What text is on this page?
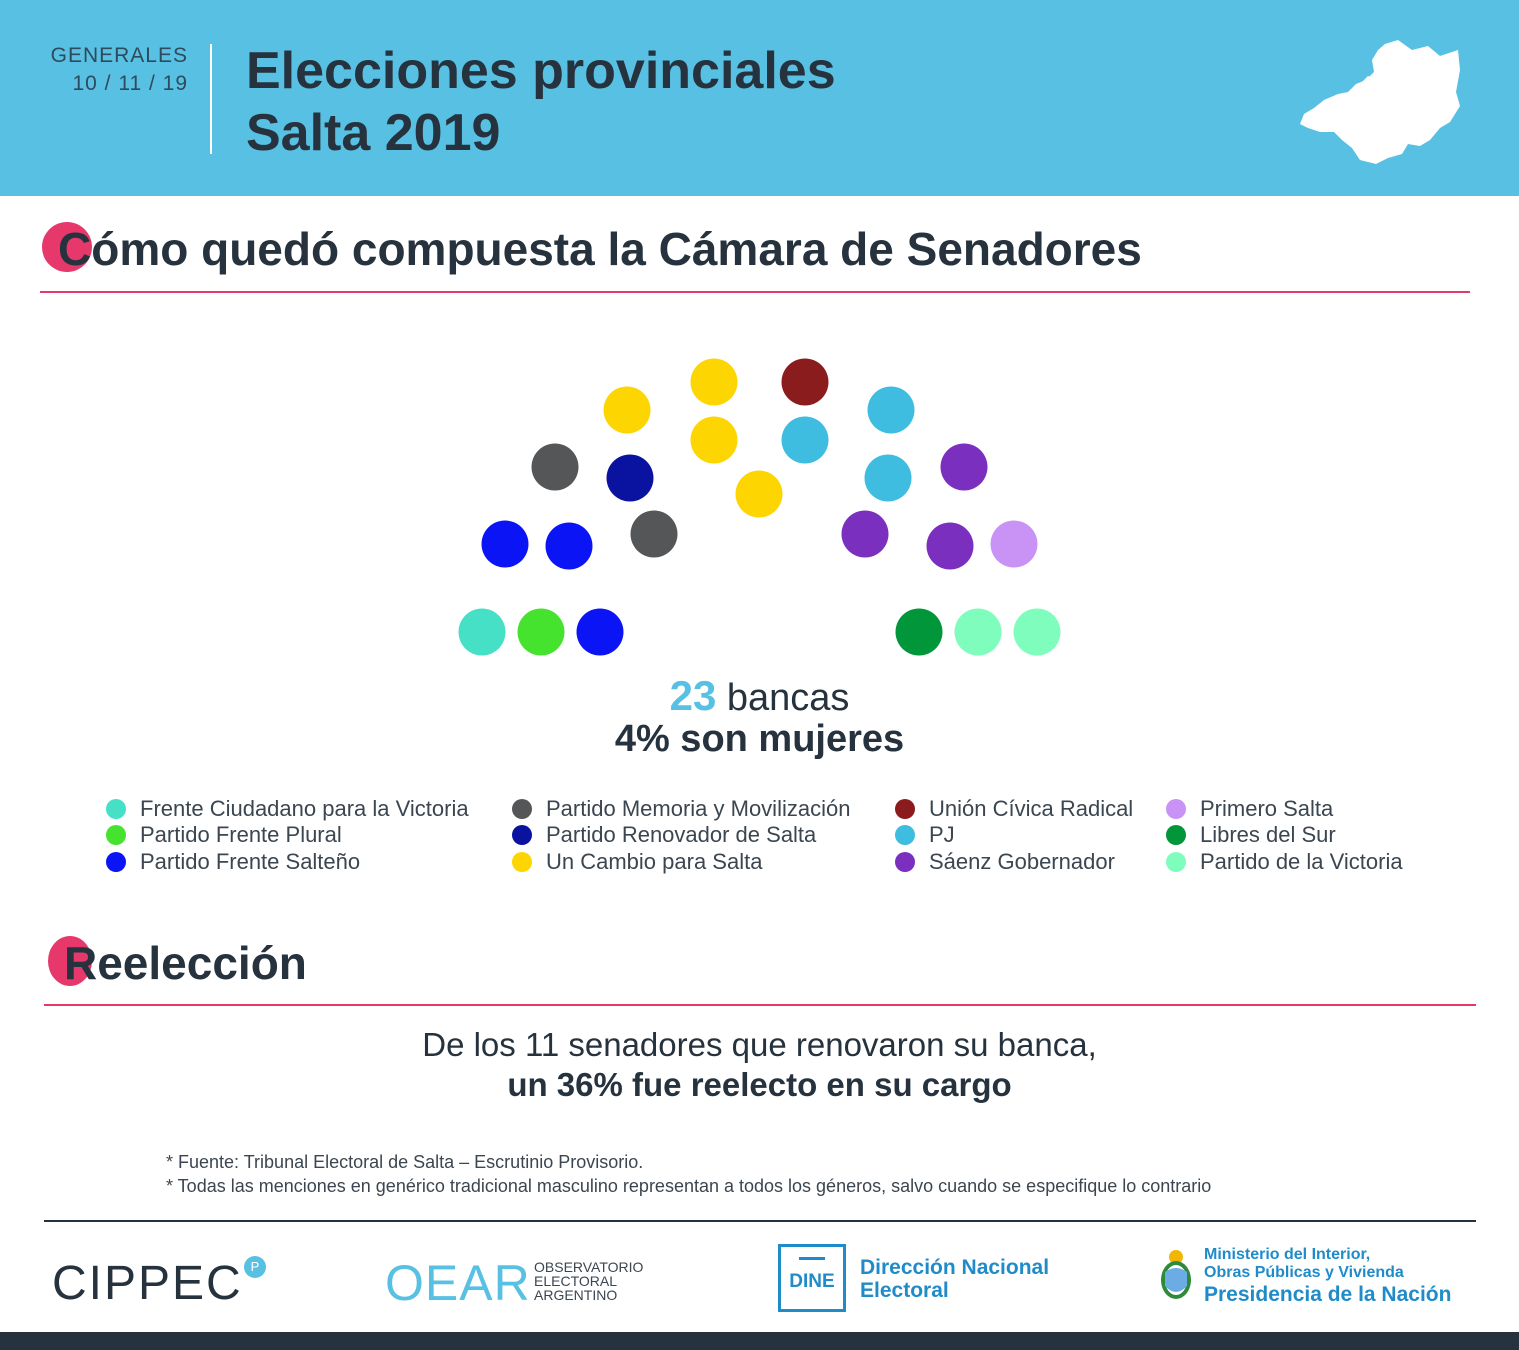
GENERALES
10 / 11 / 19 Elecciones provinciales
Salta 2019
Cómo quedó compuesta la Cámara de Senadores
23 bancas
4% son mujeres
Frente Ciudadano para la Victoria
Partido Frente Plural
Partido Frente Salteño
Partido Memoria y Movilización
Partido Renovador de Salta
Un Cambio para Salta
Unión Cívica Radical
PJ
Sáenz Gobernador
Primero Salta
Libres del Sur
Partido de la Victoria
Reelección
De los 11 senadores que renovaron su banca,
un 36% fue reelecto en su cargo
* Fuente: Tribunal Electoral de Salta – Escrutinio Provisorio.
* Todas las menciones en genérico tradicional masculino representan a todos los géneros, salvo cuando se especifique lo contrario
CIPPEC P	OEAR OBSERVATORIO
ELECTORAL
ARGENTINO
DINE
Dirección Nacional
Electoral
Ministerio del Interior,
Obras Públicas y Vivienda
Presidencia de la Nación
